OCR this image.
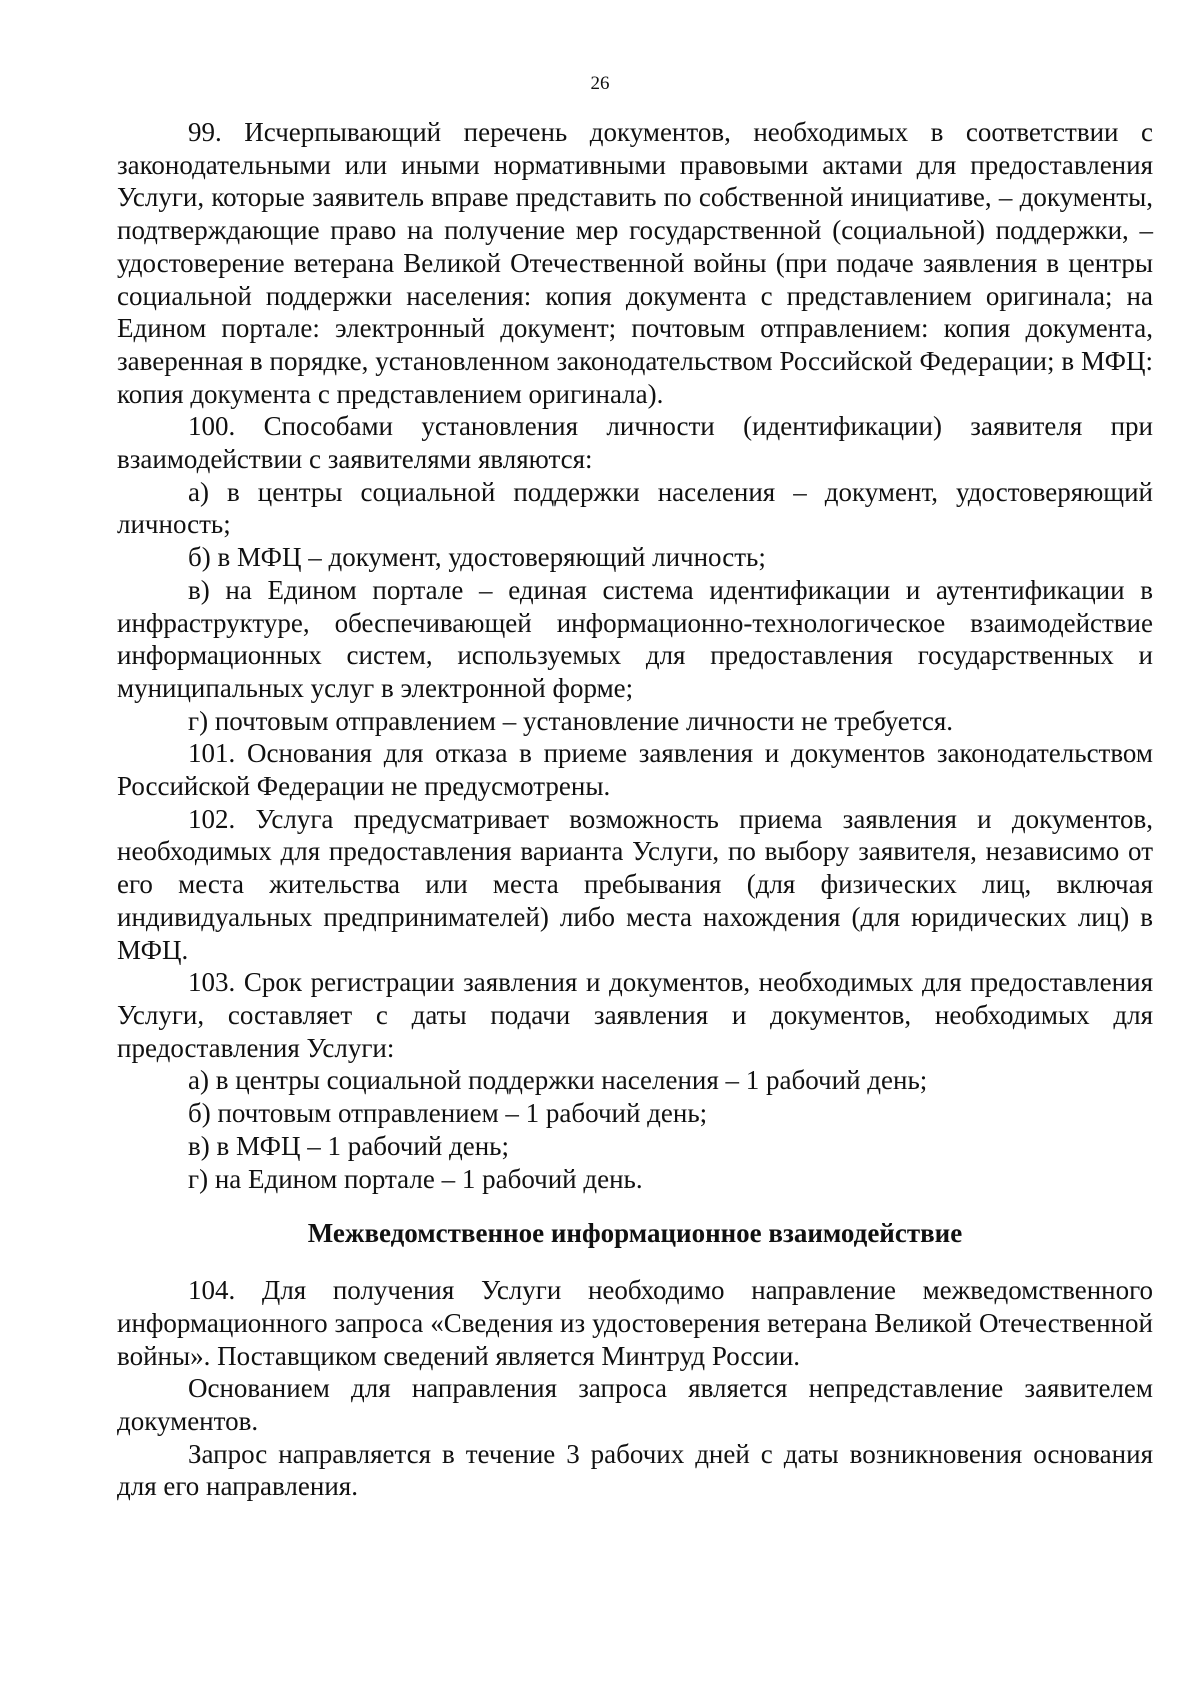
26

99. Исчерпывающий перечень документов, необходимых в соответствии с законодательными или иными нормативными правовыми актами для предоставления Услуги, которые заявитель вправе представить по собственной инициативе, – документы, подтверждающие право на получение мер государственной (социальной) поддержки, – удостоверение ветерана Великой Отечественной войны (при подаче заявления в центры социальной поддержки населения: копия документа с представлением оригинала; на Едином портале: электронный документ; почтовым отправлением: копия документа, заверенная в порядке, установленном законодательством Российской Федерации; в МФЦ: копия документа с представлением оригинала).

100. Способами установления личности (идентификации) заявителя при взаимодействии с заявителями являются:

а) в центры социальной поддержки населения – документ, удостоверяющий личность;

б) в МФЦ – документ, удостоверяющий личность;

в) на Едином портале – единая система идентификации и аутентификации в инфраструктуре, обеспечивающей информационно-технологическое взаимодействие информационных систем, используемых для предоставления государственных и муниципальных услуг в электронной форме;

г) почтовым отправлением – установление личности не требуется.

101. Основания для отказа в приеме заявления и документов законодательством Российской Федерации не предусмотрены.

102. Услуга предусматривает возможность приема заявления и документов, необходимых для предоставления варианта Услуги, по выбору заявителя, независимо от его места жительства или места пребывания (для физических лиц, включая индивидуальных предпринимателей) либо места нахождения (для юридических лиц) в МФЦ.

103. Срок регистрации заявления и документов, необходимых для предоставления Услуги, составляет с даты подачи заявления и документов, необходимых для предоставления Услуги:

а) в центры социальной поддержки населения – 1 рабочий день;

б) почтовым отправлением – 1 рабочий день;

в) в МФЦ – 1 рабочий день;

г) на Едином портале – 1 рабочий день.

Межведомственное информационное взаимодействие

104. Для получения Услуги необходимо направление межведомственного информационного запроса «Сведения из удостоверения ветерана Великой Отечественной войны». Поставщиком сведений является Минтруд России.

Основанием для направления запроса является непредставление заявителем документов.

Запрос направляется в течение 3 рабочих дней с даты возникновения основания для его направления.
